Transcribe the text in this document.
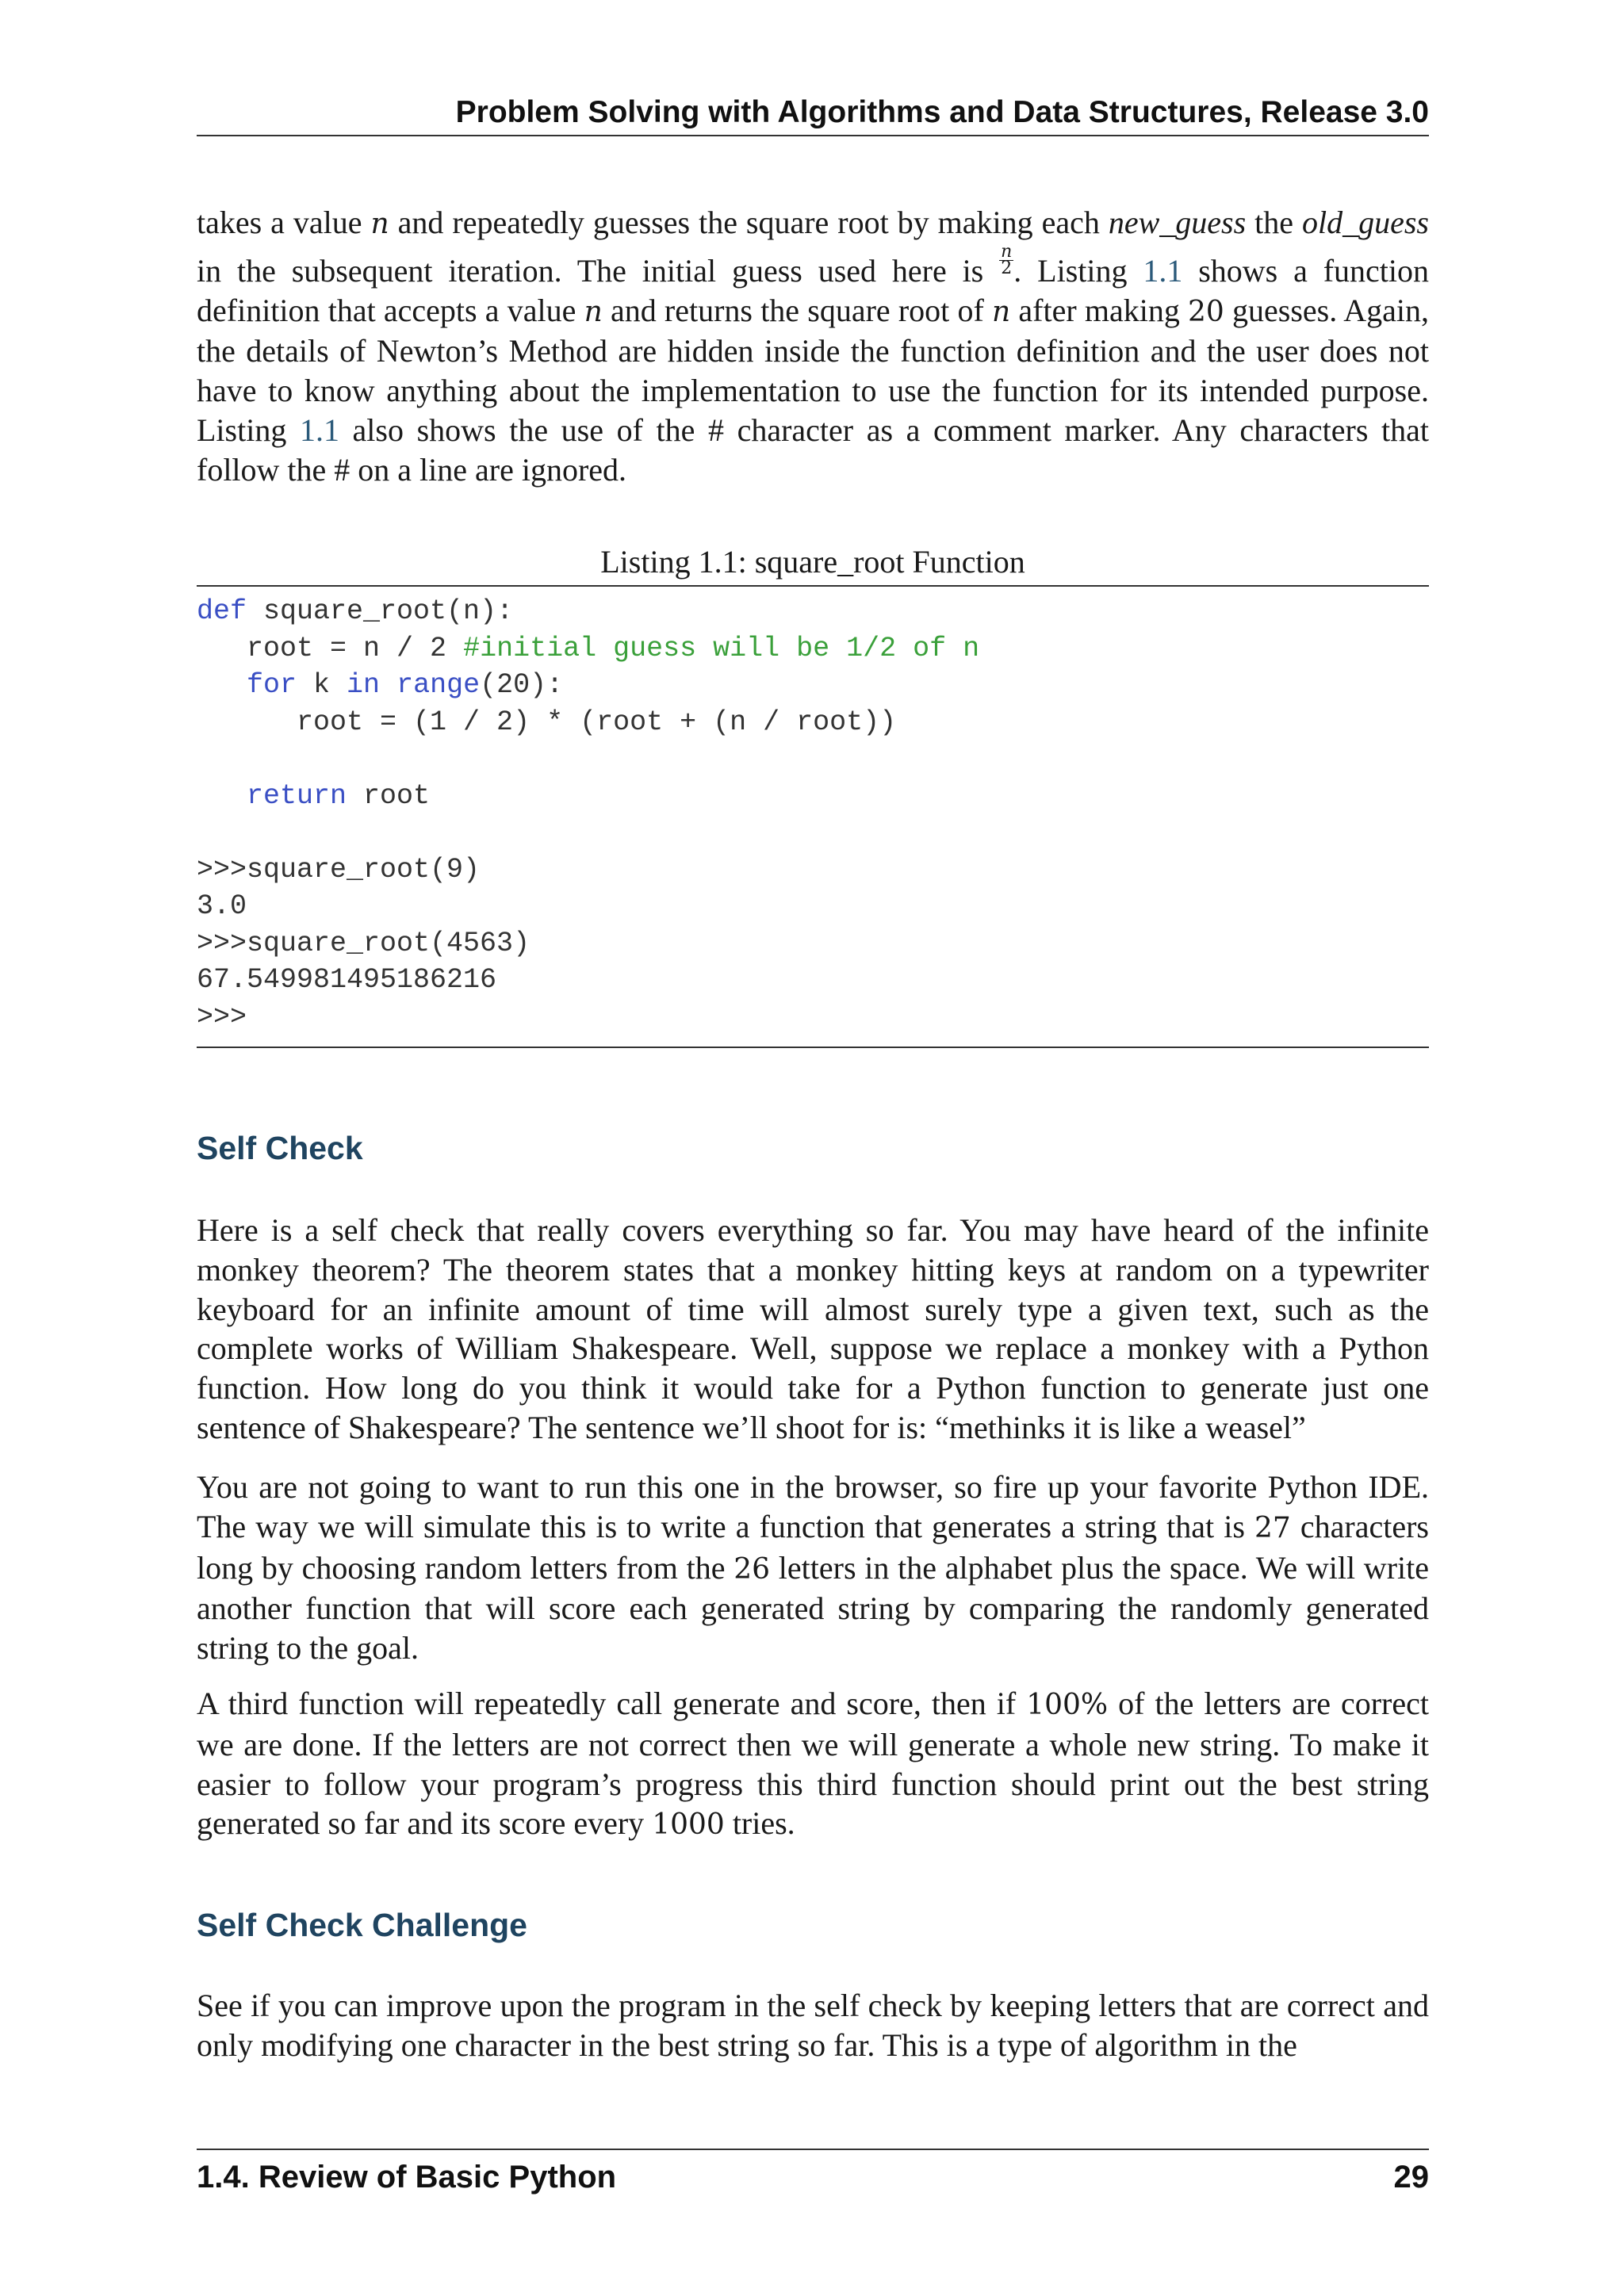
Problem Solving with Algorithms and Data Structures, Release 3.0

takes a value n and repeatedly guesses the square root by making each new_guess the old_guess in the subsequent iteration. The initial guess used here is $\frac{n}{2}$ . Listing 1.1 shows a function definition that accepts a value n and returns the square root of n after making 20 guesses. Again, the details of Newton’s Method are hidden inside the function definition and the user does not have to know anything about the implementation to use the function for its intended purpose. Listing 1.1 also shows the use of the # character as a comment marker. Any characters that follow the # on a line are ignored.

Listing 1.1: square_root Function
def square_root(n):
root = n / 2 #initial guess will be 1/2 of n
for k in range(20):
root = (1 / 2) * (root + (n / root))

return root

>>>square_root(9)
3.0
>>>square_root(4563)
67.549981495186216
>>>
Self Check

Here is a self check that really covers everything so far. You may have heard of the infinite monkey theorem? The theorem states that a monkey hitting keys at random on a typewriter keyboard for an infinite amount of time will almost surely type a given text, such as the complete works of William Shakespeare. Well, suppose we replace a monkey with a Python function. How long do you think it would take for a Python function to generate just one sentence of Shakespeare? The sentence we’ll shoot for is: “methinks it is like a weasel”

You are not going to want to run this one in the browser, so fire up your favorite Python IDE. The way we will simulate this is to write a function that generates a string that is 27 characters long by choosing random letters from the 26 letters in the alphabet plus the space. We will write another function that will score each generated string by comparing the randomly generated string to the goal.

A third function will repeatedly call generate and score, then if 100% of the letters are correct we are done. If the letters are not correct then we will generate a whole new string. To make it easier to follow your program’s progress this third function should print out the best string generated so far and its score every 1000 tries.

Self Check Challenge

See if you can improve upon the program in the self check by keeping letters that are correct and only modifying one character in the best string so far. This is a type of algorithm in the

1.4. Review of Basic Python	29
